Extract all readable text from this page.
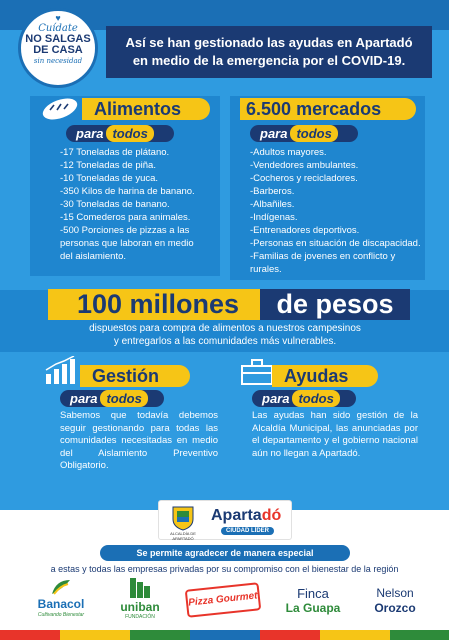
♥
Cuídate
NO SALGAS
DE CASA
sin necesidad
Así se han gestionado las ayudas en Apartadó
en medio de la emergencia por el COVID-19.
Alimentos
para todos
-17 Toneladas de plátano.
-12 Toneladas de piña.
-10 Toneladas de yuca.
-350 Kilos de harina de banano.
-30 Toneladas de banano.
-15 Comederos para animales.
-500 Porciones de pizzas a las
personas que laboran en medio
del aislamiento.
6.500 mercados
para todos
-Adultos mayores.
-Vendedores ambulantes.
-Cocheros y recicladores.
-Barberos.
-Albañiles.
-Indígenas.
-Entrenadores deportivos.
-Personas en situación de discapacidad.
-Familias de jovenes en conflicto y
rurales.
100 millones	de pesos
dispuestos para compra de alimentos a nuestros campesinos
y entregarlos a las comunidades más vulnerables.
Gestión
para todos
Sabemos que todavía debemos seguir gestionando para todas las comunidades necesitadas en medio del Aislamiento Preventivo Obligatorio.
Ayudas
para todos
Las ayudas han sido gestión de la Alcaldía Municipal, las anunciadas por el departamento y el gobierno nacional aún no llegan a Apartadó.
ALCALDÍA DE APARTADÓ
Apartadó
CIUDAD LÍDER
Se permite agradecer de manera especial
a estas y todas las empresas privadas por su compromiso con el bienestar de la región
Banacol
Cultivando Bienestar
uniban
FUNDACIÓN
Pizza Gourmet	Finca
La Guapa
Nelson
Orozco
